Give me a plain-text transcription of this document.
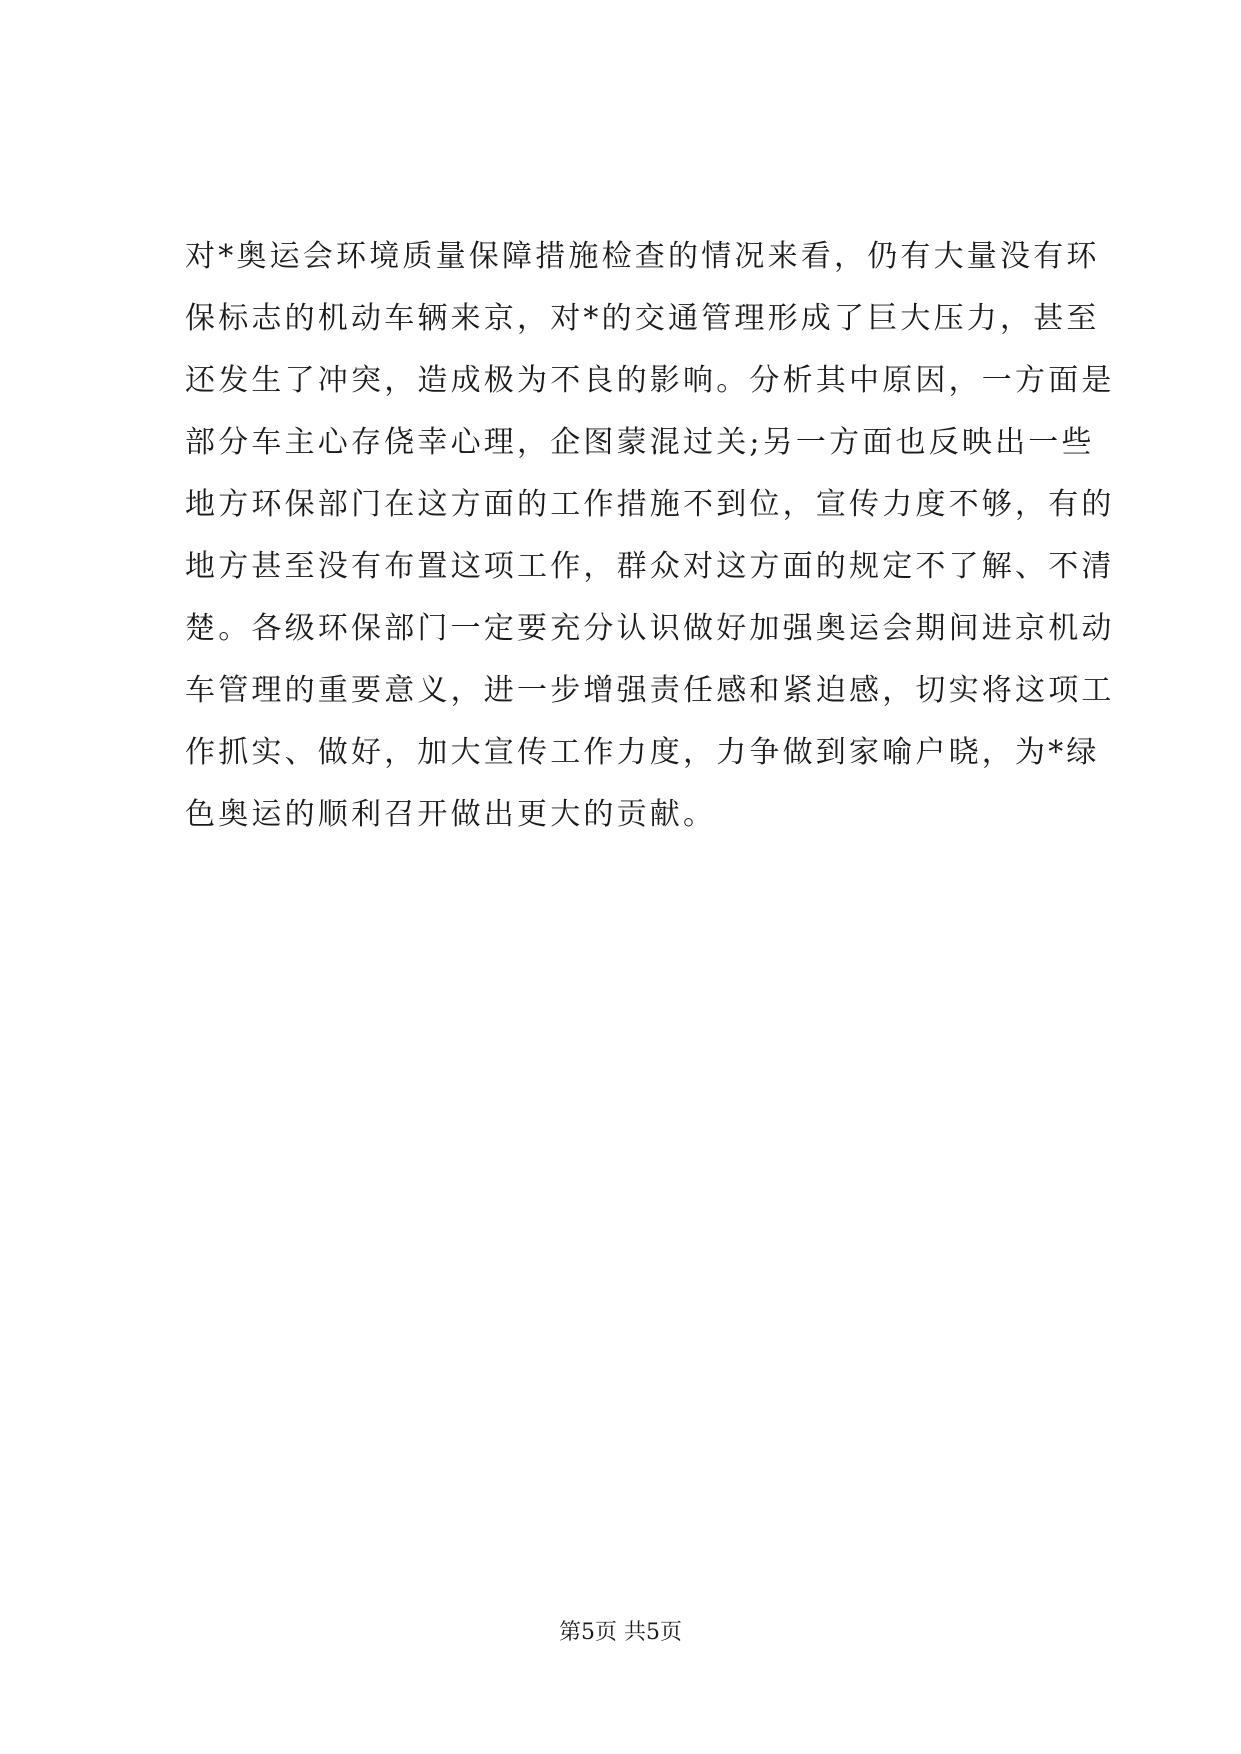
对*奥运会环境质量保障措施检查的情况来看，仍有大量没有环
保标志的机动车辆来京，对*的交通管理形成了巨大压力，甚至
还发生了冲突，造成极为不良的影响。分析其中原因，一方面是
部分车主心存侥幸心理，企图蒙混过关;另一方面也反映出一些
地方环保部门在这方面的工作措施不到位，宣传力度不够，有的
地方甚至没有布置这项工作，群众对这方面的规定不了解、不清
楚。各级环保部门一定要充分认识做好加强奥运会期间进京机动
车管理的重要意义，进一步增强责任感和紧迫感，切实将这项工
作抓实、做好，加大宣传工作力度，力争做到家喻户晓，为*绿
色奥运的顺利召开做出更大的贡献。
第5页 共5页
